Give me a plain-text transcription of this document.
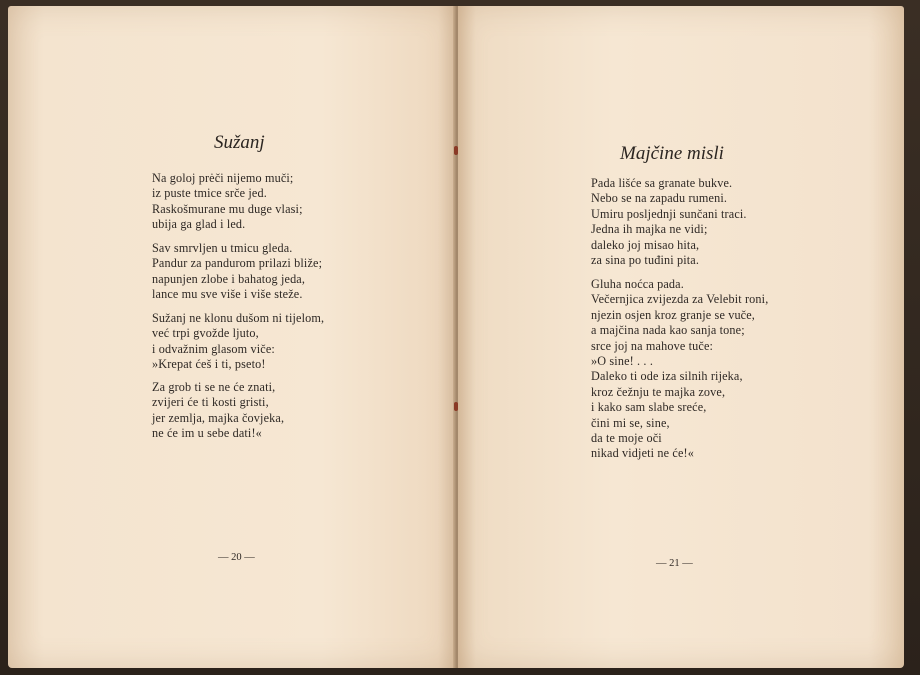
Sužanj
Na goloj prėči nijemo muči;
iz puste tmice srče jed.
Raskošmurane mu duge vlasi;
ubija ga glad i led.
Sav smrvljen u tmicu gleda.
Pandur za pandurom prilazi bliže;
napunjen zlobe i bahatog jeda,
lance mu sve više i više steže.
Sužanj ne klonu dušom ni tijelom,
već trpi gvožde ljuto,
i odvažnim glasom viče:
»Krepat ćeš i ti, pseto!
Za grob ti se ne će znati,
zvijeri će ti kosti gristi,
jer zemlja, majka čovjeka,
ne će im u sebe dati!«
— 20 —
Majčine misli
Pada lišće sa granate bukve.
Nebo se na zapadu rumeni.
Umiru posljednji sunčani traci.
Jedna ih majka ne vidi;
daleko joj misao hita,
za sina po tuđini pita.
Gluha noćca pada.
Večernjica zvijezda za Velebit roni,
njezin osjen kroz granje se vuče,
a majčina nada kao sanja tone;
srce joj na mahove tuče:
»O sine! . . .
Daleko ti ode iza silnih rijeka,
kroz čežnju te majka zove,
i kako sam slabe sreće,
čini mi se, sine,
da te moje oči
nikad vidjeti ne će!«
— 21 —
